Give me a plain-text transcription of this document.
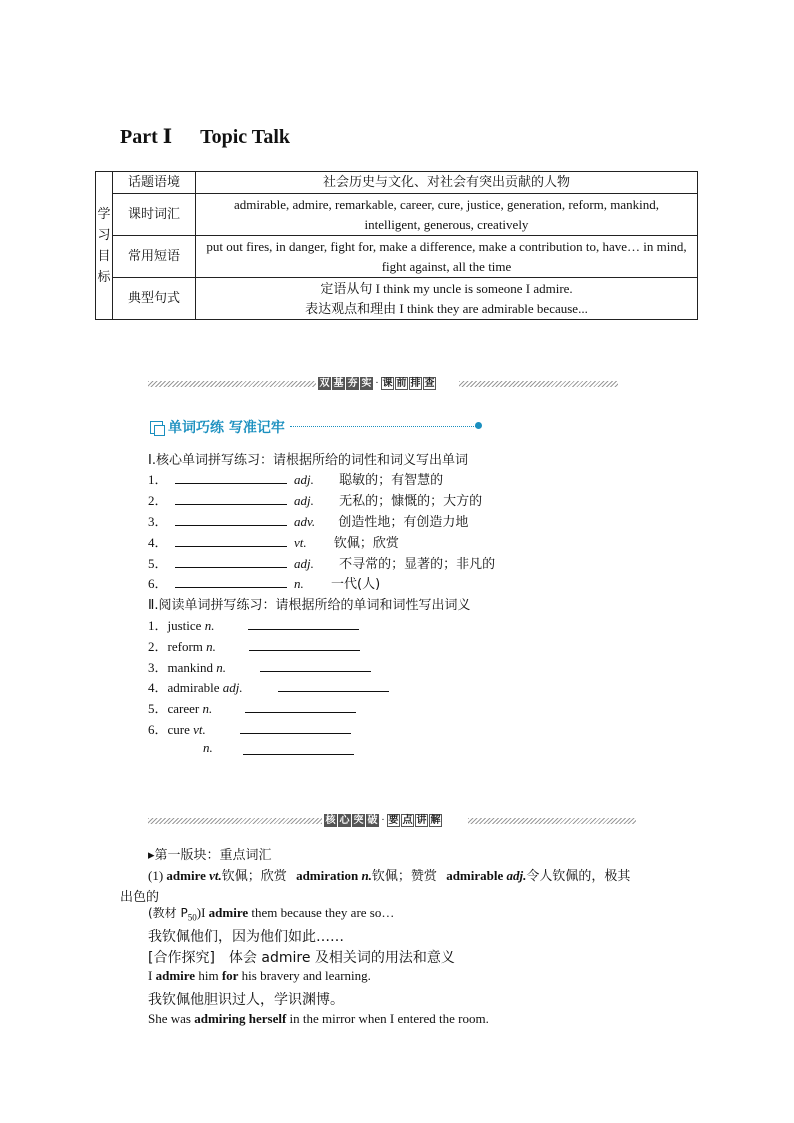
Part Ⅰ Topic Talk
学习目标	话题语境	社会历史与文化、对社会有突出贡献的人物
	课时词汇	admirable, admire, remarkable, career, cure, justice, generation, reform, mankind, intelligent, generous, creatively
	常用短语	put out fires, in danger, fight for, make a difference, make a contribution to, have… in mind, fight against, all the time
	典型句式	定语从句 I think my uncle is someone I admire.
表达观点和理由 I think they are admirable because...
双 基 夯 实 · 课 前 排 查
单词巧练 写准记牢
Ⅰ.核心单词拼写练习：请根据所给的词性和词义写出单词
1．	adj. 聪敏的；有智慧的
2．	adj. 无私的；慷慨的；大方的
3．	adv. 创造性地；有创造力地
4．	vt. 钦佩；欣赏
5．	adj. 不寻常的；显著的；非凡的
6．	n. 一代(人)
Ⅱ.阅读单词拼写练习：请根据所给的单词和词性写出词义
1．justice n.
2．reform n.
3．mankind n.
4．admirable adj.
5．career n.
6．cure vt.
n.
核 心 突 破 · 要 点 讲 解
▸第一版块：重点词汇
(1) admire vt.钦佩；欣赏 admiration n.钦佩；赞赏 admirable adj.令人钦佩的，极其
出色的
(教材 $P_{50})I$ admire them because they are so…
我钦佩他们，因为他们如此……
[合作探究]　体会 admire 及相关词的用法和意义
I admire him for his bravery and learning.
我钦佩他胆识过人，学识渊博。
She was admiring herself in the mirror when I entered the room.
